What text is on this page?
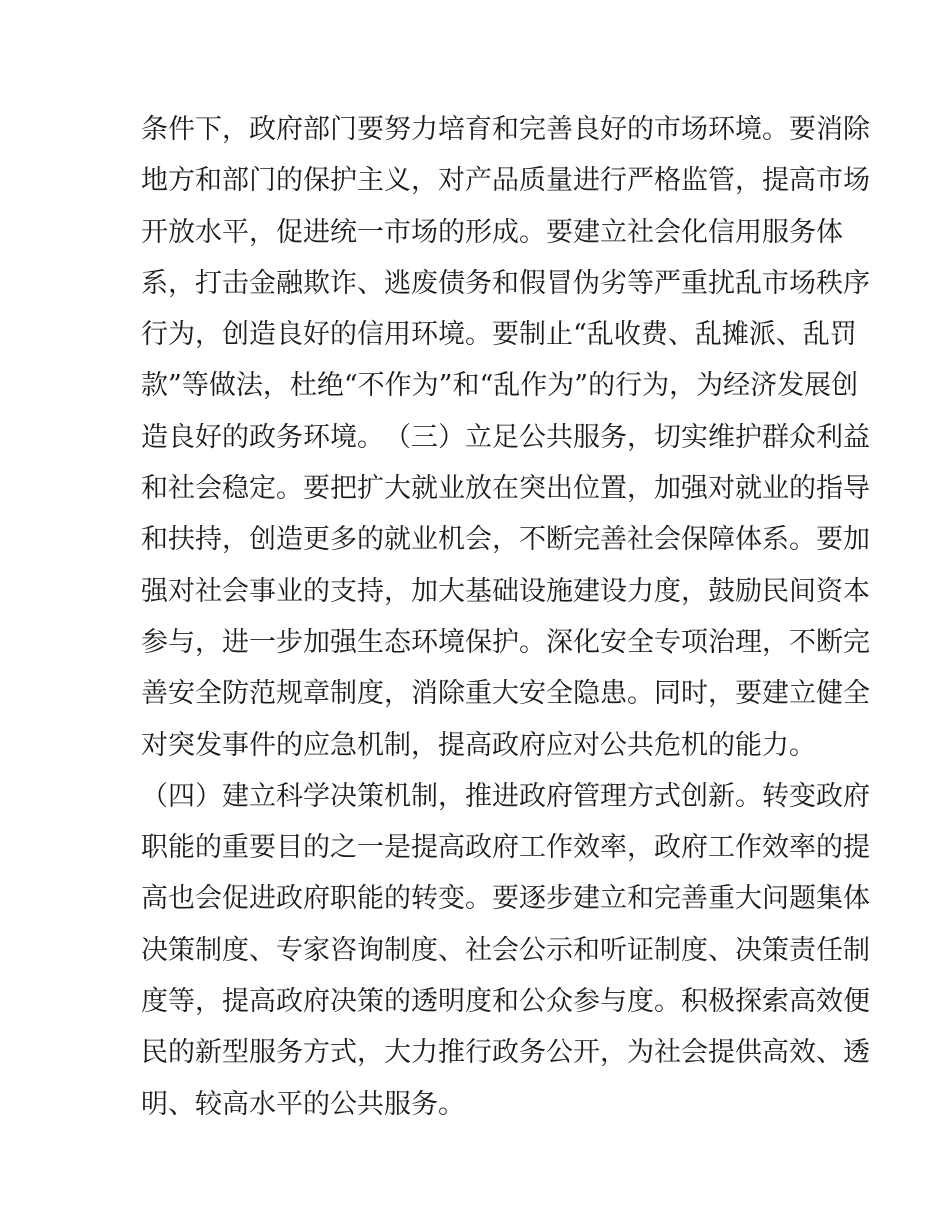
条 件 下 ， 政 府 部 门 要 努 力 培 育 和 完 善 良 好 的 市 场 环 境 。 要 消 除
地 方 和 部 门 的 保 护 主 义 ， 对 产 品 质 量 进 行 严 格 监 管 ， 提 高 市 场
开 放 水 平 ， 促 进 统 一 市 场 的 形 成 。 要 建 立 社 会 化 信 用 服 务 体
系 ， 打 击 金 融 欺 诈 、 逃 废 债 务 和 假 冒 伪 劣 等 严 重 扰 乱 市 场 秩 序
行 为 ， 创 造 良 好 的 信 用 环 境 。 要 制 止 “ 乱 收 费 、 乱 摊 派 、 乱 罚
款 ” 等 做 法 ， 杜 绝 “ 不 作 为 ” 和 “ 乱 作 为 ” 的 行 为 ， 为 经 济 发 展 创
造 良 好 的 政 务 环 境 。 （ 三 ） 立 足 公 共 服 务 ， 切 实 维 护 群 众 利 益
和 社 会 稳 定 。 要 把 扩 大 就 业 放 在 突 出 位 置 ， 加 强 对 就 业 的 指 导
和 扶 持 ， 创 造 更 多 的 就 业 机 会 ， 不 断 完 善 社 会 保 障 体 系 。 要 加
强 对 社 会 事 业 的 支 持 ， 加 大 基 础 设 施 建 设 力 度 ， 鼓 励 民 间 资 本
参 与 ， 进 一 步 加 强 生 态 环 境 保 护 。 深 化 安 全 专 项 治 理 ， 不 断 完
善 安 全 防 范 规 章 制 度 ， 消 除 重 大 安 全 隐 患 。 同 时 ， 要 建 立 健 全
对突发事件的应急机制，提高政府应对公共危机的能力。
（ 四 ） 建 立 科 学 决 策 机 制 ， 推 进 政 府 管 理 方 式 创 新 。 转 变 政 府
职 能 的 重 要 目 的 之 一 是 提 高 政 府 工 作 效 率 ， 政 府 工 作 效 率 的 提
高 也 会 促 进 政 府 职 能 的 转 变 。 要 逐 步 建 立 和 完 善 重 大 问 题 集 体
决 策 制 度 、 专 家 咨 询 制 度 、 社 会 公 示 和 听 证 制 度 、 决 策 责 任 制
度 等 ， 提 高 政 府 决 策 的 透 明 度 和 公 众 参 与 度 。 积 极 探 索 高 效 便
民 的 新 型 服 务 方 式 ， 大 力 推 行 政 务 公 开 ， 为 社 会 提 供 高 效 、 透
明、较高水平的公共服务。
